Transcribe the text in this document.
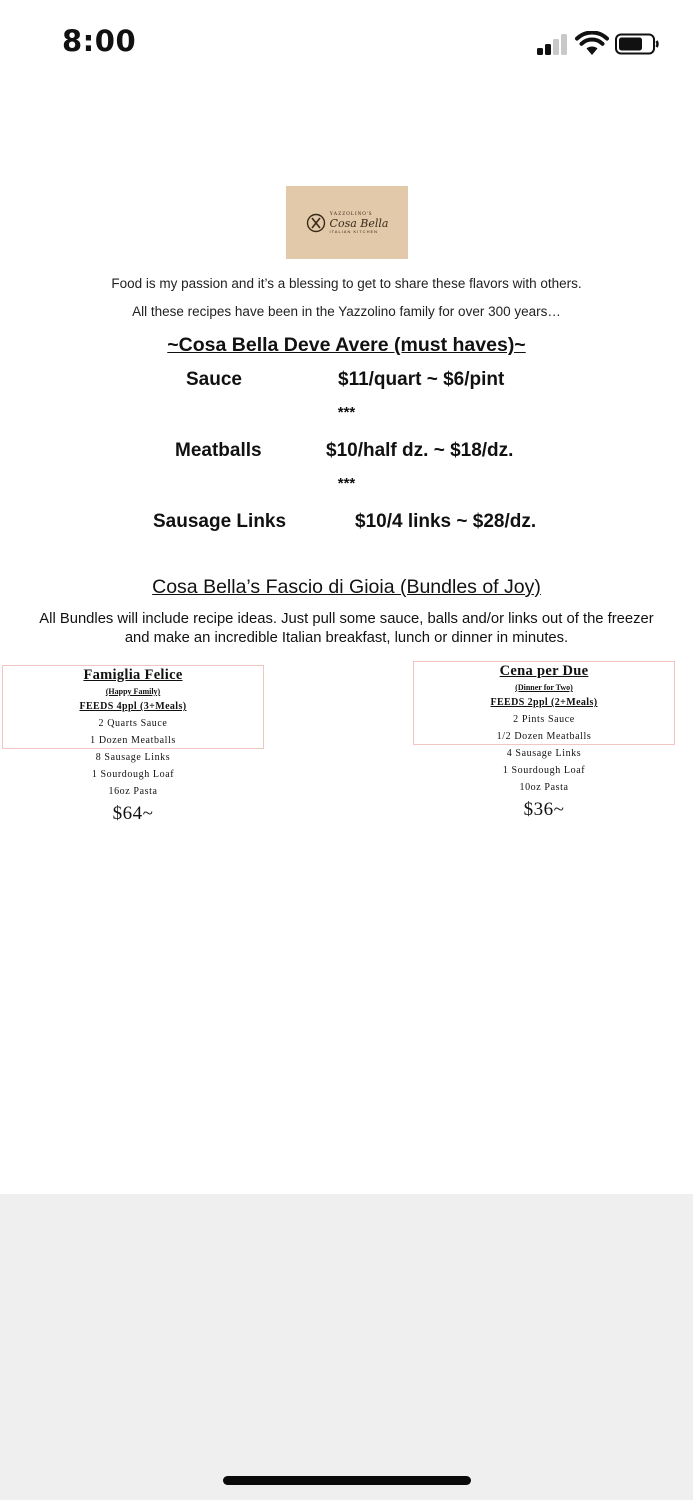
8:00
YAZZOLINO'S
Cosa Bella
ITALIAN KITCHEN
Food is my passion and it’s a blessing to get to share these flavors with others.
All these recipes have been in the Yazzolino family for over 300 years…
~Cosa Bella Deve Avere (must haves)~
Sauce	$11/quart ~ $6/pint
***
Meatballs	$10/half dz. ~ $18/dz.
***
Sausage Links	$10/4 links ~ $28/dz.
Cosa Bella’s Fascio di Gioia (Bundles of Joy)
All Bundles will include recipe ideas. Just pull some sauce, balls and/or links out of the freezer
and make an incredible Italian breakfast, lunch or dinner in minutes.
Famiglia Felice
(Happy Family)
FEEDS 4ppl (3+Meals)
2 Quarts Sauce
1 Dozen Meatballs
8 Sausage Links
1 Sourdough Loaf
16oz Pasta
$64~
Cena per Due
(Dinner for Two)
FEEDS 2ppl (2+Meals)
2 Pints Sauce
1/2 Dozen Meatballs
4 Sausage Links
1 Sourdough Loaf
10oz Pasta
$36~
